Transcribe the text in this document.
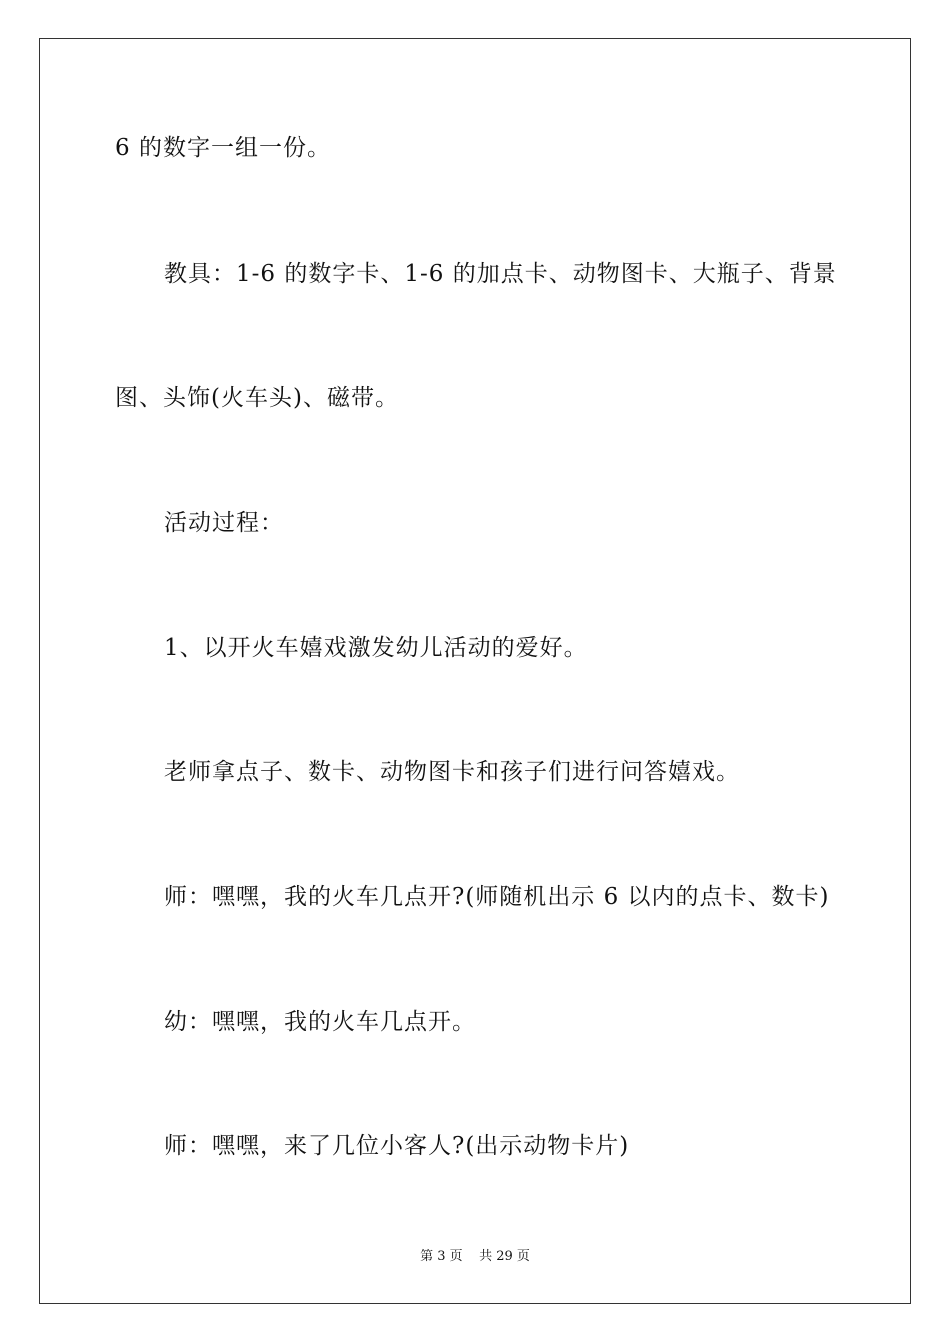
6 的数字一组一份。
教具：1-6 的数字卡、1-6 的加点卡、动物图卡、大瓶子、背景
图、头饰(火车头)、磁带。
活动过程：
1、以开火车嬉戏激发幼儿活动的爱好。
老师拿点子、数卡、动物图卡和孩子们进行问答嬉戏。
师：嘿嘿，我的火车几点开?(师随机出示 6 以内的点卡、数卡)
幼：嘿嘿，我的火车几点开。
师：嘿嘿，来了几位小客人?(出示动物卡片)
第 3 页    共 29 页
